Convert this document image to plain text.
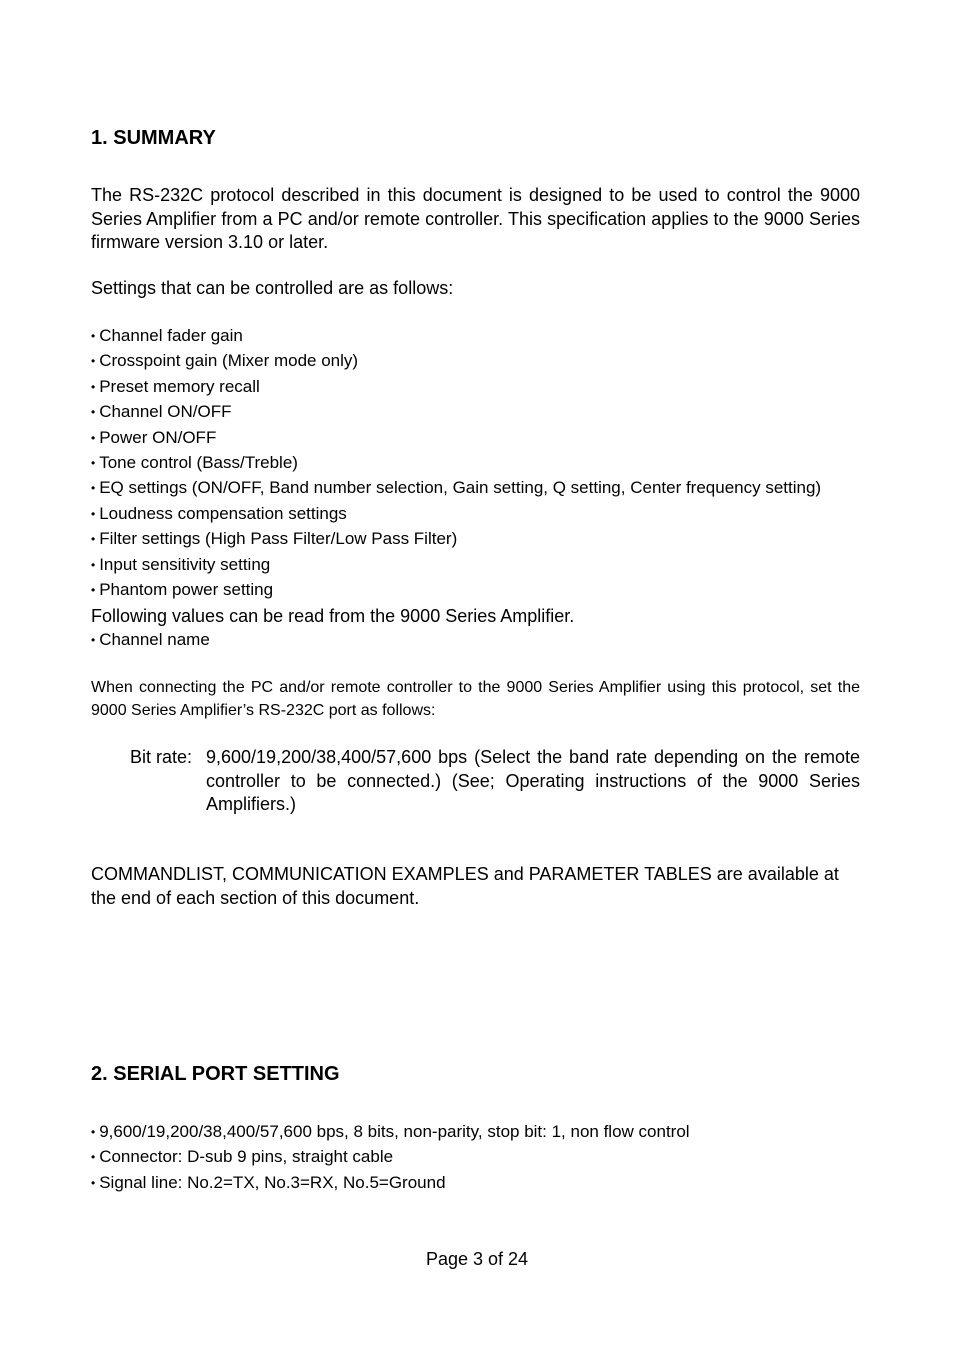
1. SUMMARY
The RS-232C protocol described in this document is designed to be used to control the 9000 Series Amplifier from a PC and/or remote controller. This specification applies to the 9000 Series firmware version 3.10 or later.
Settings that can be controlled are as follows:
• Channel fader gain
• Crosspoint gain (Mixer mode only)
• Preset memory recall
• Channel ON/OFF
• Power ON/OFF
• Tone control (Bass/Treble)
• EQ settings (ON/OFF, Band number selection, Gain setting, Q setting, Center frequency setting)
• Loudness compensation settings
• Filter settings (High Pass Filter/Low Pass Filter)
• Input sensitivity setting
• Phantom power setting
Following values can be read from the 9000 Series Amplifier.
• Channel name
When connecting the PC and/or remote controller to the 9000 Series Amplifier using this protocol, set the 9000 Series Amplifier’s RS-232C port as follows:
Bit rate: 9,600/19,200/38,400/57,600 bps (Select the band rate depending on the remote controller to be connected.) (See; Operating instructions of the 9000 Series Amplifiers.)
COMMANDLIST, COMMUNICATION EXAMPLES and PARAMETER TABLES are available at the end of each section of this document.
2. SERIAL PORT SETTING
• 9,600/19,200/38,400/57,600 bps, 8 bits, non-parity, stop bit: 1, non flow control
• Connector: D-sub 9 pins, straight cable
• Signal line: No.2=TX, No.3=RX, No.5=Ground
Page 3 of 24
